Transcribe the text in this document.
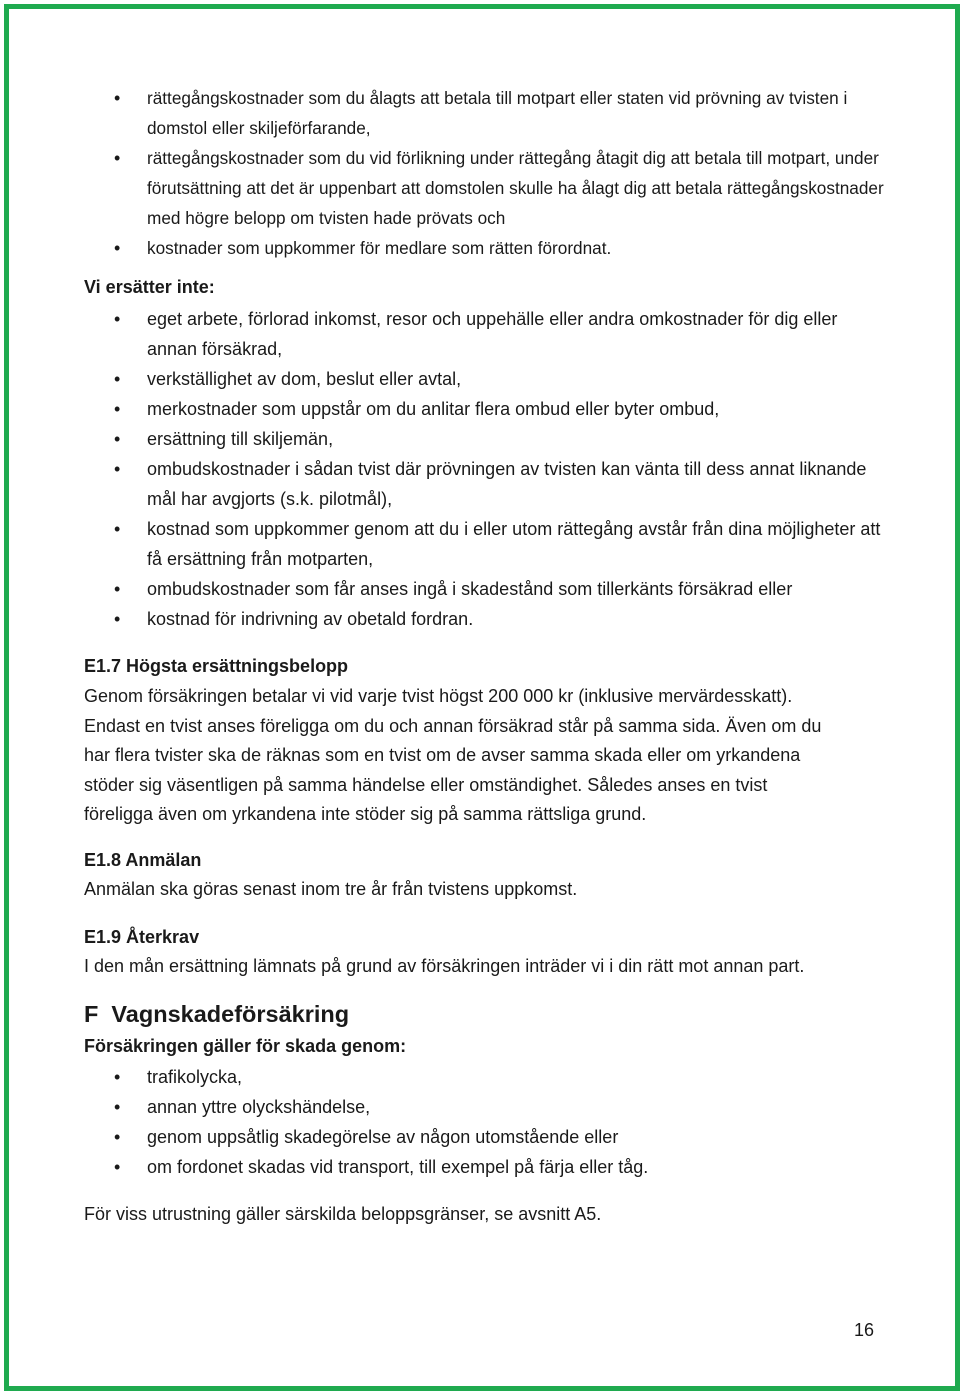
• rättegångskostnader som du ålagts att betala till motpart eller staten vid prövning av tvisten i domstol eller skiljeförfarande,
• rättegångskostnader som du vid förlikning under rättegång åtagit dig att betala till motpart, under förutsättning att det är uppenbart att domstolen skulle ha ålagt dig att betala rättegångskostnader med högre belopp om tvisten hade prövats och
• kostnader som uppkommer för medlare som rätten förordnat.
Vi ersätter inte:
• eget arbete, förlorad inkomst, resor och uppehälle eller andra omkostnader för dig eller annan försäkrad,
• verkställighet av dom, beslut eller avtal,
• merkostnader som uppstår om du anlitar flera ombud eller byter ombud,
• ersättning till skiljemän,
• ombudskostnader i sådan tvist där prövningen av tvisten kan vänta till dess annat liknande mål har avgjorts (s.k. pilotmål),
• kostnad som uppkommer genom att du i eller utom rättegång avstår från dina möjligheter att få ersättning från motparten,
• ombudskostnader som får anses ingå i skadestånd som tillerkänts försäkrad eller
• kostnad för indrivning av obetald fordran.
E1.7 Högsta ersättningsbelopp
Genom försäkringen betalar vi vid varje tvist högst 200 000 kr (inklusive mervärdesskatt).
Endast en tvist anses föreligga om du och annan försäkrad står på samma sida. Även om du
har flera tvister ska de räknas som en tvist om de avser samma skada eller om yrkandena
stöder sig väsentligen på samma händelse eller omständighet. Således anses en tvist
föreligga även om yrkandena inte stöder sig på samma rättsliga grund.
E1.8 Anmälan
Anmälan ska göras senast inom tre år från tvistens uppkomst.
E1.9 Återkrav
I den mån ersättning lämnats på grund av försäkringen inträder vi i din rätt mot annan part.
F  Vagnskadeförsäkring
Försäkringen gäller för skada genom:
• trafikolycka,
• annan yttre olyckshändelse,
• genom uppsåtlig skadegörelse av någon utomstående eller
• om fordonet skadas vid transport, till exempel på färja eller tåg.
För viss utrustning gäller särskilda beloppsgränser, se avsnitt A5.
16
